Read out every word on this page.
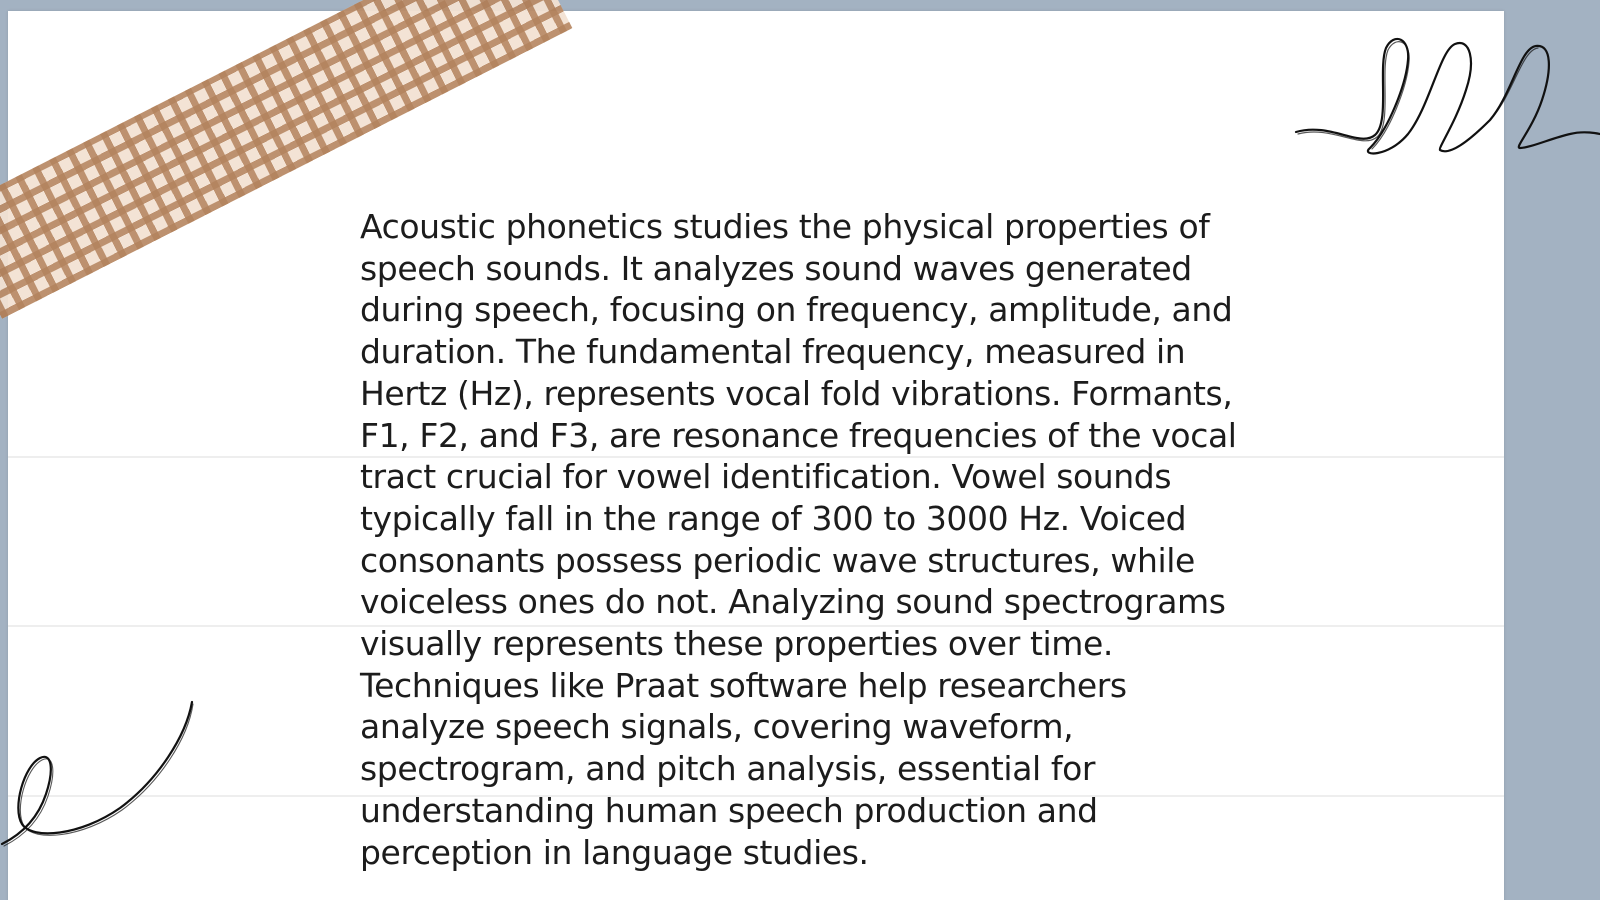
Acoustic phonetics studies the physical properties of
speech sounds. It analyzes sound waves generated
during speech, focusing on frequency, amplitude, and
duration. The fundamental frequency, measured in
Hertz (Hz), represents vocal fold vibrations. Formants,
F1, F2, and F3, are resonance frequencies of the vocal
tract crucial for vowel identification. Vowel sounds
typically fall in the range of 300 to 3000 Hz. Voiced
consonants possess periodic wave structures, while
voiceless ones do not. Analyzing sound spectrograms
visually represents these properties over time.
Techniques like Praat software help researchers
analyze speech signals, covering waveform,
spectrogram, and pitch analysis, essential for
understanding human speech production and
perception in language studies.
